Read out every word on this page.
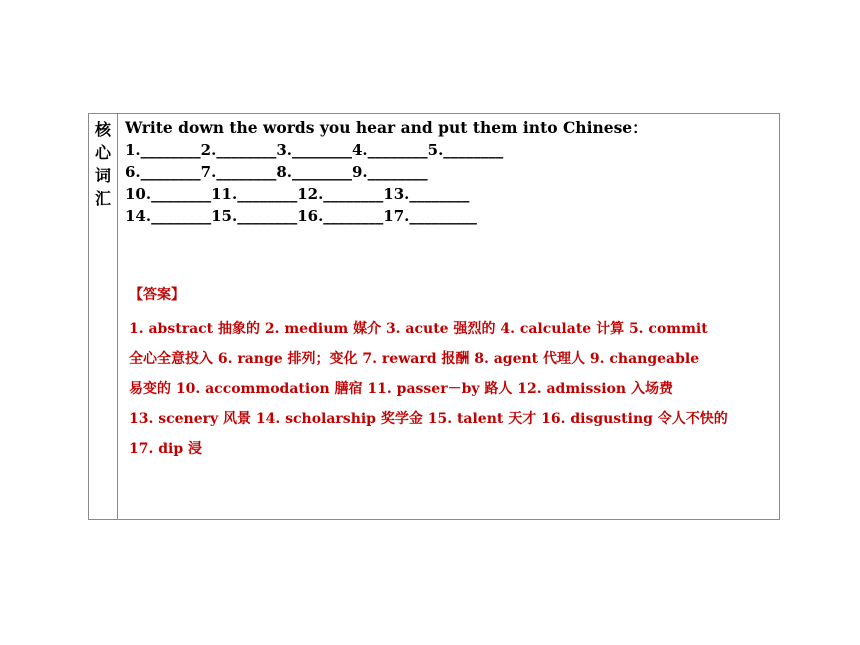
核
心
词
汇
Write down the words you hear and put them into Chinese：
1.________2.________3.________4.________5.________
6.________7.________8.________9.________
10.________11.________12.________13.________
14.________15.________16.________17._________
【答案】
1. abstract 抽象的 2. medium 媒介 3. acute 强烈的 4. calculate 计算 5. commit
全心全意投入 6. range 排列；变化 7. reward 报酬 8. agent 代理人 9. changeable
易变的 10. accommodation 膳宿 11. passer－by 路人 12. admission 入场费
13. scenery 风景 14. scholarship 奖学金 15. talent 天才 16. disgusting 令人不快的
17. dip 浸
